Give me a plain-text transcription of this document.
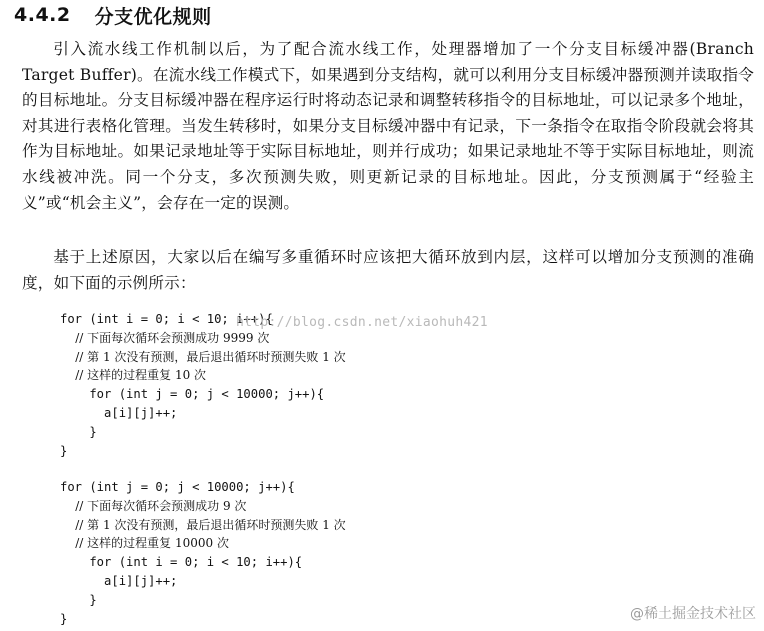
4.4.2 分支优化规则

引入流水线工作机制以后，为了配合流水线工作，处理器增加了一个分支目标缓冲器(Branch Target Buffer)。在流水线工作模式下，如果遇到分支结构，就可以利用分支目标缓冲器预测并读取指令的目标地址。分支目标缓冲器在程序运行时将动态记录和调整转移指令的目标地址，可以记录多个地址，对其进行表格化管理。当发生转移时，如果分支目标缓冲器中有记录，下一条指令在取指令阶段就会将其作为目标地址。如果记录地址等于实际目标地址，则并行成功；如果记录地址不等于实际目标地址，则流水线被冲洗。同一个分支，多次预测失败，则更新记录的目标地址。因此，分支预测属于“经验主义”或“机会主义”，会存在一定的误测。

基于上述原因，大家以后在编写多重循环时应该把大循环放到内层，这样可以增加分支预测的准确度，如下面的示例所示：

for (int i = 0; i < 10; i++){
// 下面每次循环会预测成功 9999 次
// 第 1 次没有预测，最后退出循环时预测失败 1 次
// 这样的过程重复 10 次
for (int j = 0; j < 10000; j++){
a[i][j]++;
}
}
for (int j = 0; j < 10000; j++){
// 下面每次循环会预测成功 9 次
// 第 1 次没有预测，最后退出循环时预测失败 1 次
// 这样的过程重复 10000 次
for (int i = 0; i < 10; i++){
a[i][j]++;
}
}
http://blog.csdn.net/xiaohuh421
@稀土掘金技术社区
